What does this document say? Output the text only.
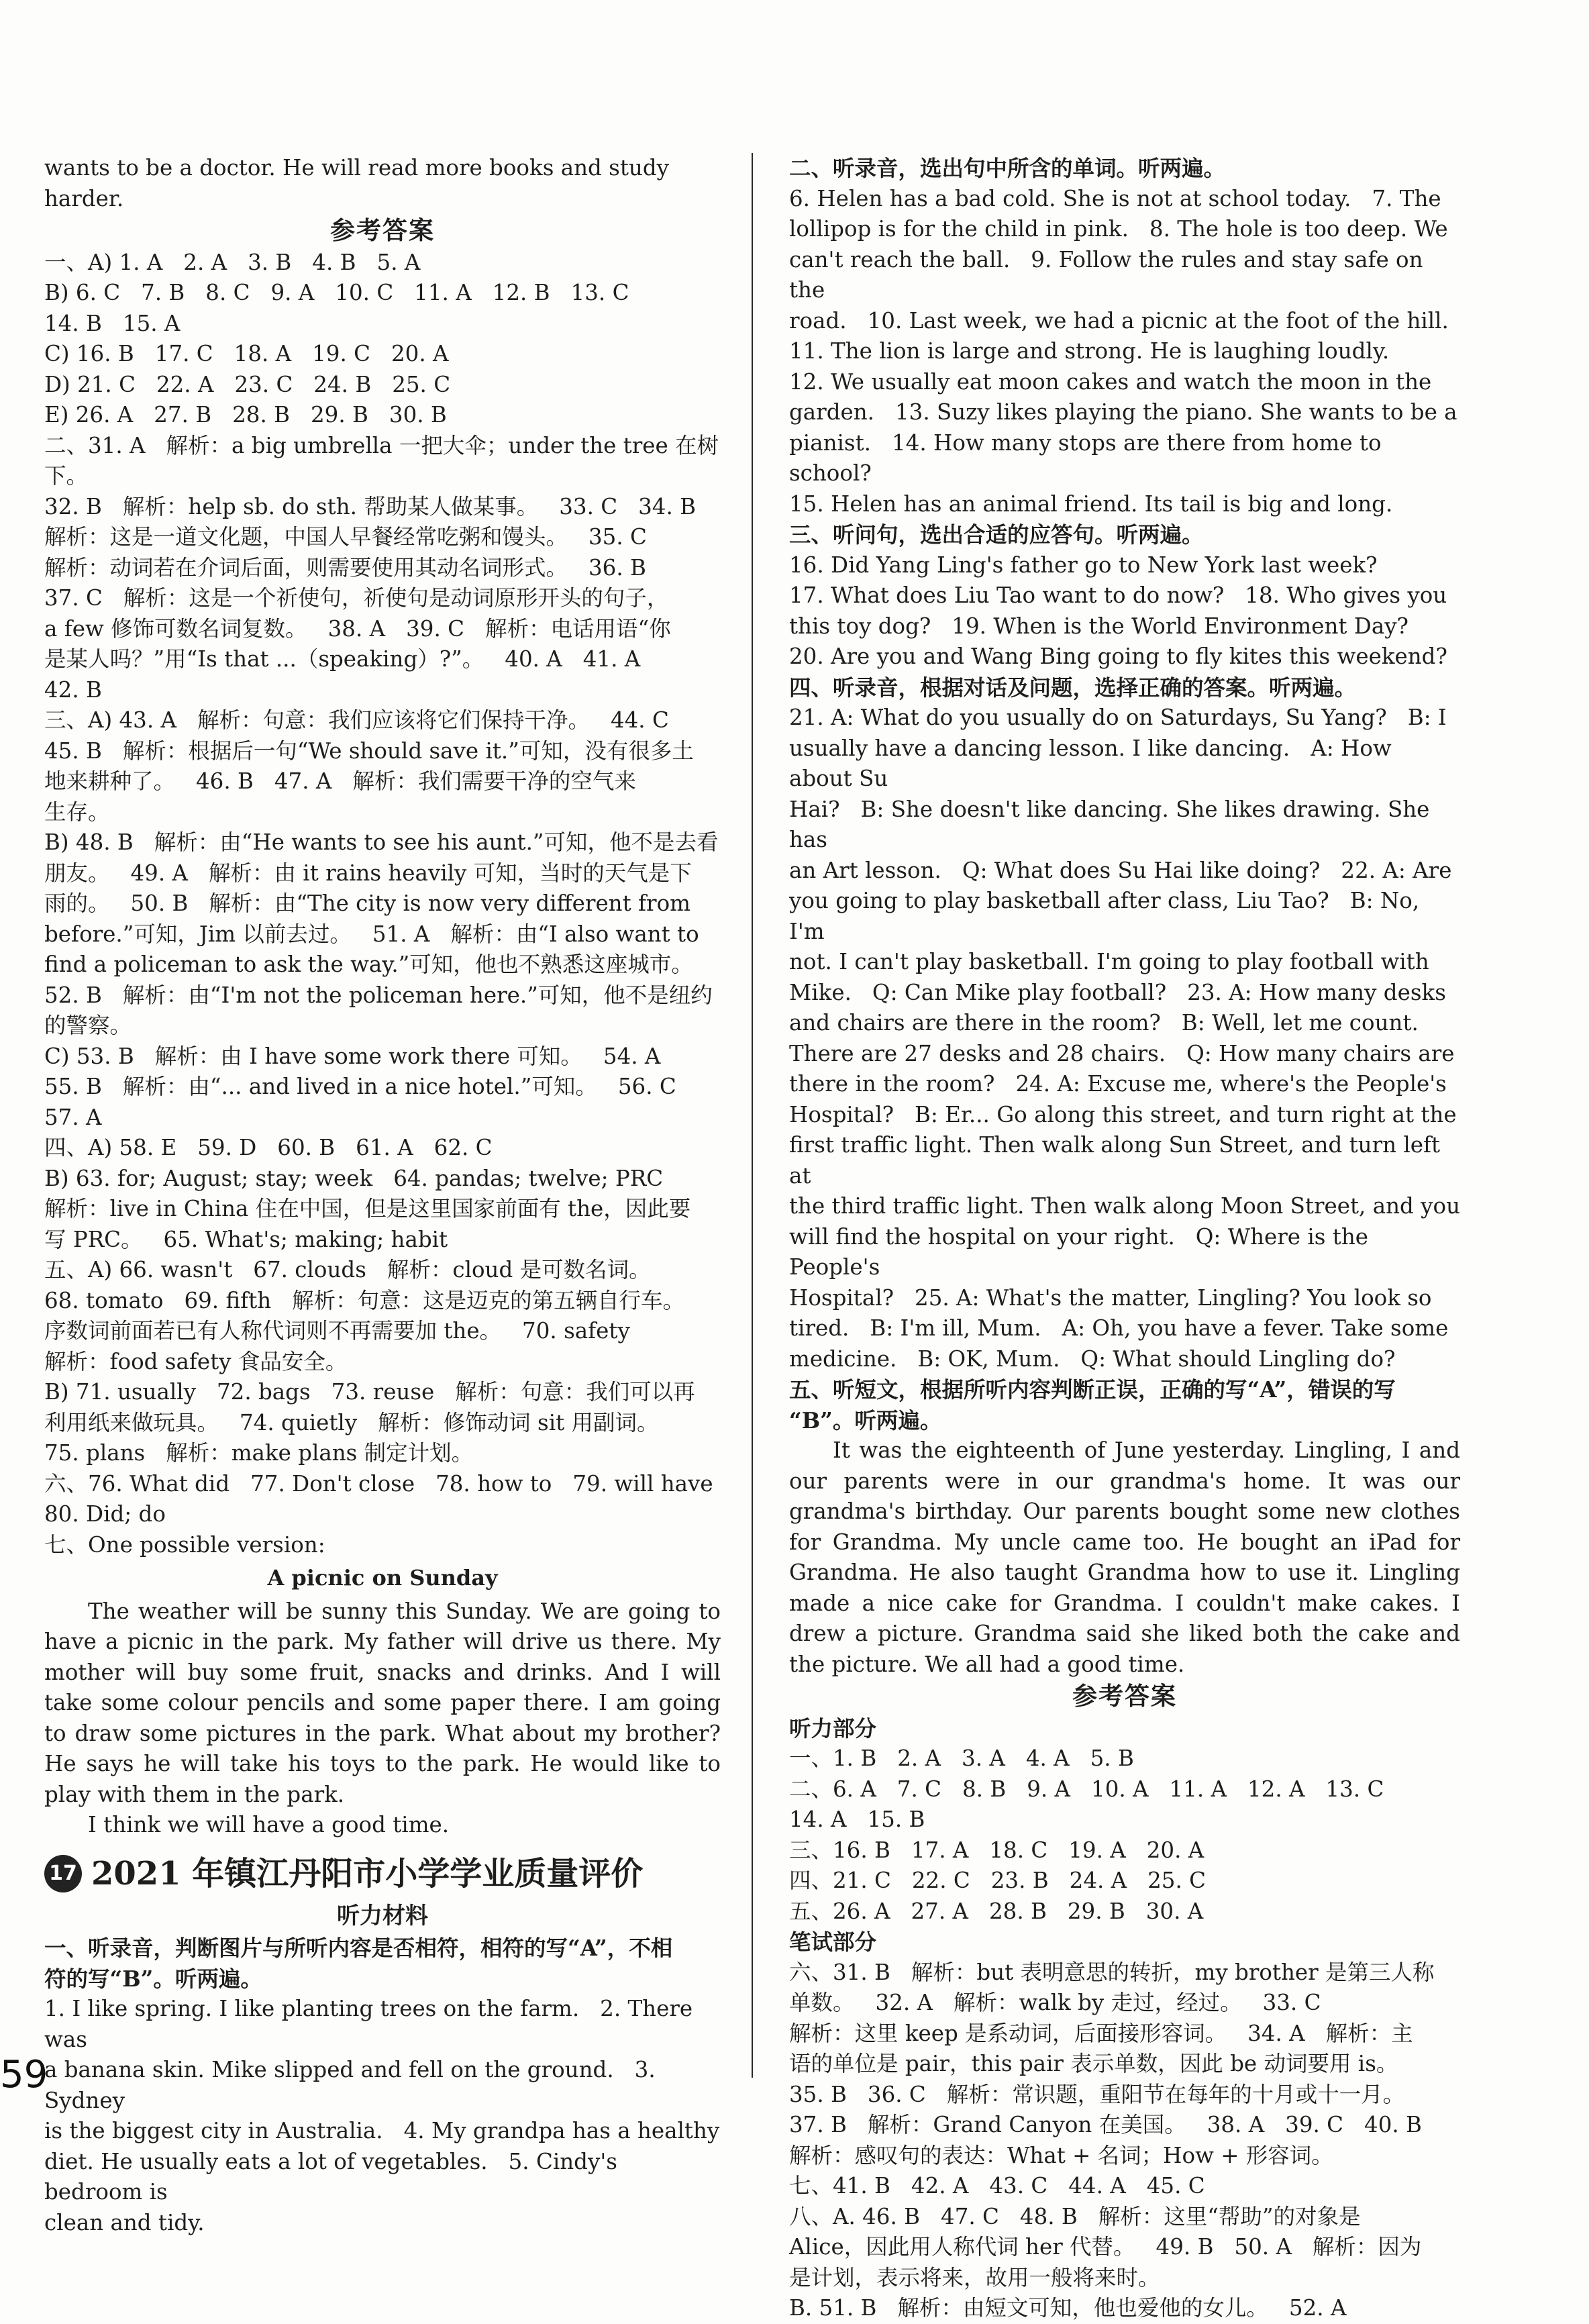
wants to be a doctor. He will read more books and study harder.

参考答案

一、A) 1. A   2. A   3. B   4. B   5. A

B) 6. C   7. B   8. C   9. A   10. C   11. A   12. B   13. C

14. B   15. A

C) 16. B   17. C   18. A   19. C   20. A

D) 21. C   22. A   23. C   24. B   25. C

E) 26. A   27. B   28. B   29. B   30. B

二、31. A   解析：a big umbrella 一把大伞；under the tree 在树下。

32. B   解析：help sb. do sth. 帮助某人做某事。   33. C   34. B

解析：这是一道文化题，中国人早餐经常吃粥和馒头。   35. C

解析：动词若在介词后面，则需要使用其动名词形式。   36. B

37. C   解析：这是一个祈使句，祈使句是动词原形开头的句子，

a few 修饰可数名词复数。   38. A   39. C   解析：电话用语“你

是某人吗？”用“Is that ...（speaking）?”。   40. A   41. A

42. B

三、A) 43. A   解析：句意：我们应该将它们保持干净。   44. C

45. B   解析：根据后一句“We should save it.”可知，没有很多土

地来耕种了。   46. B   47. A   解析：我们需要干净的空气来

生存。

B) 48. B   解析：由“He wants to see his aunt.”可知，他不是去看

朋友。   49. A   解析：由 it rains heavily 可知，当时的天气是下

雨的。   50. B   解析：由“The city is now very different from

before.”可知，Jim 以前去过。   51. A   解析：由“I also want to

find a policeman to ask the way.”可知，他也不熟悉这座城市。

52. B   解析：由“I'm not the policeman here.”可知，他不是纽约

的警察。

C) 53. B   解析：由 I have some work there 可知。   54. A

55. B   解析：由“... and lived in a nice hotel.”可知。   56. C

57. A

四、A) 58. E   59. D   60. B   61. A   62. C

B) 63. for; August; stay; week   64. pandas; twelve; PRC

解析：live in China 住在中国，但是这里国家前面有 the，因此要

写 PRC。   65. What's; making; habit

五、A) 66. wasn't   67. clouds   解析：cloud 是可数名词。

68. tomato   69. fifth   解析：句意：这是迈克的第五辆自行车。

序数词前面若已有人称代词则不再需要加 the。   70. safety

解析：food safety 食品安全。

B) 71. usually   72. bags   73. reuse   解析：句意：我们可以再

利用纸来做玩具。   74. quietly   解析：修饰动词 sit 用副词。

75. plans   解析：make plans 制定计划。

六、76. What did   77. Don't close   78. how to   79. will have

80. Did; do

七、One possible version:

A picnic on Sunday

The weather will be sunny this Sunday. We are going to have a picnic in the park. My father will drive us there. My mother will buy some fruit, snacks and drinks. And I will take some colour pencils and some paper there. I am going to draw some pictures in the park. What about my brother? He says he will take his toys to the park. He would like to play with them in the park.

I think we will have a good time.

17 2021 年镇江丹阳市小学学业质量评价
听力材料

一、听录音，判断图片与所听内容是否相符，相符的写“A”，不相

符的写“B”。听两遍。

1. I like spring. I like planting trees on the farm.   2. There was

a banana skin. Mike slipped and fell on the ground.   3. Sydney

is the biggest city in Australia.   4. My grandpa has a healthy

diet. He usually eats a lot of vegetables.   5. Cindy's bedroom is

clean and tidy.

二、听录音，选出句中所含的单词。听两遍。

6. Helen has a bad cold. She is not at school today.   7. The

lollipop is for the child in pink.   8. The hole is too deep. We

can't reach the ball.   9. Follow the rules and stay safe on the

road.   10. Last week, we had a picnic at the foot of the hill.

11. The lion is large and strong. He is laughing loudly.

12. We usually eat moon cakes and watch the moon in the

garden.   13. Suzy likes playing the piano. She wants to be a

pianist.   14. How many stops are there from home to school?

15. Helen has an animal friend. Its tail is big and long.

三、听问句，选出合适的应答句。听两遍。

16. Did Yang Ling's father go to New York last week?

17. What does Liu Tao want to do now?   18. Who gives you

this toy dog?   19. When is the World Environment Day?

20. Are you and Wang Bing going to fly kites this weekend?

四、听录音，根据对话及问题，选择正确的答案。听两遍。

21. A: What do you usually do on Saturdays, Su Yang?   B: I

usually have a dancing lesson. I like dancing.   A: How about Su

Hai?   B: She doesn't like dancing. She likes drawing. She has

an Art lesson.   Q: What does Su Hai like doing?   22. A: Are

you going to play basketball after class, Liu Tao?   B: No, I'm

not. I can't play basketball. I'm going to play football with

Mike.   Q: Can Mike play football?   23. A: How many desks

and chairs are there in the room?   B: Well, let me count.

There are 27 desks and 28 chairs.   Q: How many chairs are

there in the room?   24. A: Excuse me, where's the People's

Hospital?   B: Er... Go along this street, and turn right at the

first traffic light. Then walk along Sun Street, and turn left at

the third traffic light. Then walk along Moon Street, and you

will find the hospital on your right.   Q: Where is the People's

Hospital?   25. A: What's the matter, Lingling? You look so

tired.   B: I'm ill, Mum.   A: Oh, you have a fever. Take some

medicine.   B: OK, Mum.   Q: What should Lingling do?

五、听短文，根据所听内容判断正误，正确的写“A”，错误的写

“B”。听两遍。

It was the eighteenth of June yesterday. Lingling, I and our parents were in our grandma's home. It was our grandma's birthday. Our parents bought some new clothes for Grandma. My uncle came too. He bought an iPad for Grandma. He also taught Grandma how to use it. Lingling made a nice cake for Grandma. I couldn't make cakes. I drew a picture. Grandma said she liked both the cake and the picture. We all had a good time.

参考答案

听力部分

一、1. B   2. A   3. A   4. A   5. B

二、6. A   7. C   8. B   9. A   10. A   11. A   12. A   13. C

14. A   15. B

三、16. B   17. A   18. C   19. A   20. A

四、21. C   22. C   23. B   24. A   25. C

五、26. A   27. A   28. B   29. B   30. A

笔试部分

六、31. B   解析：but 表明意思的转折，my brother 是第三人称

单数。   32. A   解析：walk by 走过，经过。   33. C

解析：这里 keep 是系动词，后面接形容词。   34. A   解析：主

语的单位是 pair，this pair 表示单数，因此 be 动词要用 is。

35. B   36. C   解析：常识题，重阳节在每年的十月或十一月。

37. B   解析：Grand Canyon 在美国。   38. A   39. C   40. B

解析：感叹句的表达：What + 名词；How + 形容词。

七、41. B   42. A   43. C   44. A   45. C

八、A. 46. B   47. C   48. B   解析：这里“帮助”的对象是

Alice，因此用人称代词 her 代替。   49. B   50. A   解析：因为

是计划，表示将来，故用一般将来时。

B. 51. B   解析：由短文可知，他也爱他的女儿。   52. A

59
